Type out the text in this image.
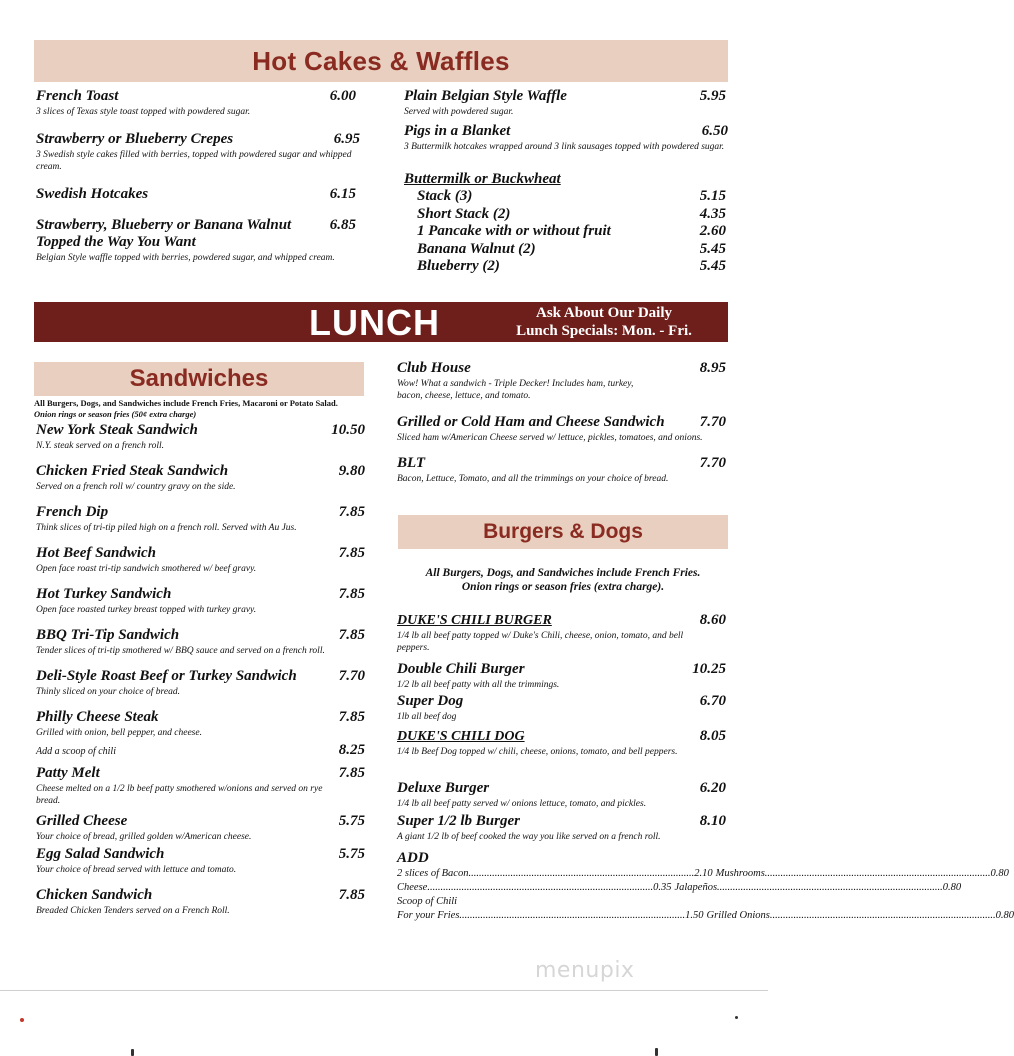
Hot Cakes & Waffles
French Toast	6.00
3 slices of Texas style toast topped with powdered sugar.
Strawberry or Blueberry Crepes	6.95
3 Swedish style cakes filled with berries, topped with powdered sugar and whipped cream.
Swedish Hotcakes	6.15
Strawberry, Blueberry or Banana Walnut	6.85
Topped the Way You Want
Belgian Style waffle topped with berries, powdered sugar, and whipped cream.
Plain Belgian Style Waffle	5.95
Served with powdered sugar.
Pigs in a Blanket	6.50
3 Buttermilk hotcakes wrapped around 3 link sausages topped with powdered sugar.
Buttermilk or Buckwheat
Stack (3)	5.15
Short Stack (2)	4.35
1 Pancake with or without fruit	2.60
Banana Walnut (2)	5.45
Blueberry (2)	5.45
LUNCH	Ask About Our Daily
Lunch Specials: Mon. - Fri.
Sandwiches
All Burgers, Dogs, and Sandwiches include French Fries, Macaroni or Potato Salad.
Onion rings or season fries (50¢ extra charge)
New York Steak Sandwich	10.50
N.Y. steak served on a french roll.
Chicken Fried Steak Sandwich	9.80
Served on a french roll w/ country gravy on the side.
French Dip	7.85
Think slices of tri-tip piled high on a french roll. Served with Au Jus.
Hot Beef Sandwich	7.85
Open face roast tri-tip sandwich smothered w/ beef gravy.
Hot Turkey Sandwich	7.85
Open face roasted turkey breast topped with turkey gravy.
BBQ Tri-Tip Sandwich	7.85
Tender slices of tri-tip smothered w/ BBQ sauce and served on a french roll.
Deli-Style Roast Beef or Turkey Sandwich	7.70
Thinly sliced on your choice of bread.
Philly Cheese Steak	7.85
Grilled with onion, bell pepper, and cheese.
Add a scoop of chili	8.25
Patty Melt	7.85
Cheese melted on a 1/2 lb beef patty smothered w/onions and served on rye bread.
Grilled Cheese	5.75
Your choice of bread, grilled golden w/American cheese.
Egg Salad Sandwich	5.75
Your choice of bread served with lettuce and tomato.
Chicken Sandwich	7.85
Breaded Chicken Tenders served on a French Roll.
Club House	8.95
Wow! What a sandwich - Triple Decker! Includes ham, turkey, bacon, cheese, lettuce, and tomato.
Grilled or Cold Ham and Cheese Sandwich 7.70
Sliced ham w/American Cheese served w/ lettuce, pickles, tomatoes, and onions.
BLT	7.70
Bacon, Lettuce, Tomato, and all the trimmings on your choice of bread.
Burgers & Dogs
All Burgers, Dogs, and Sandwiches include French Fries.
Onion rings or season fries (extra charge).
DUKE'S CHILI BURGER	8.60
1/4 lb all beef patty topped w/ Duke's Chili, cheese, onion, tomato, and bell peppers.
Double Chili Burger	10.25
1/2 lb all beef patty with all the trimmings.
Super Dog	6.70
1lb all beef dog
DUKE'S CHILI DOG	8.05
1/4 lb Beef Dog topped w/ chili, cheese, onions, tomato, and bell peppers.
Deluxe Burger	6.20
1/4 lb all beef patty served w/ onions lettuce, tomato, and pickles.
Super 1/2 lb Burger	8.10
A giant 1/2 lb of beef cooked the way you like served on a french roll.
ADD
2 slices of Bacon .....	2.10 Mushrooms .....	0.80
Cheese .....	0.35 Jalapeños .....	0.80
Scoop of Chili
For your Fries .....	1.50 Grilled Onions .....	0.80
menupix
